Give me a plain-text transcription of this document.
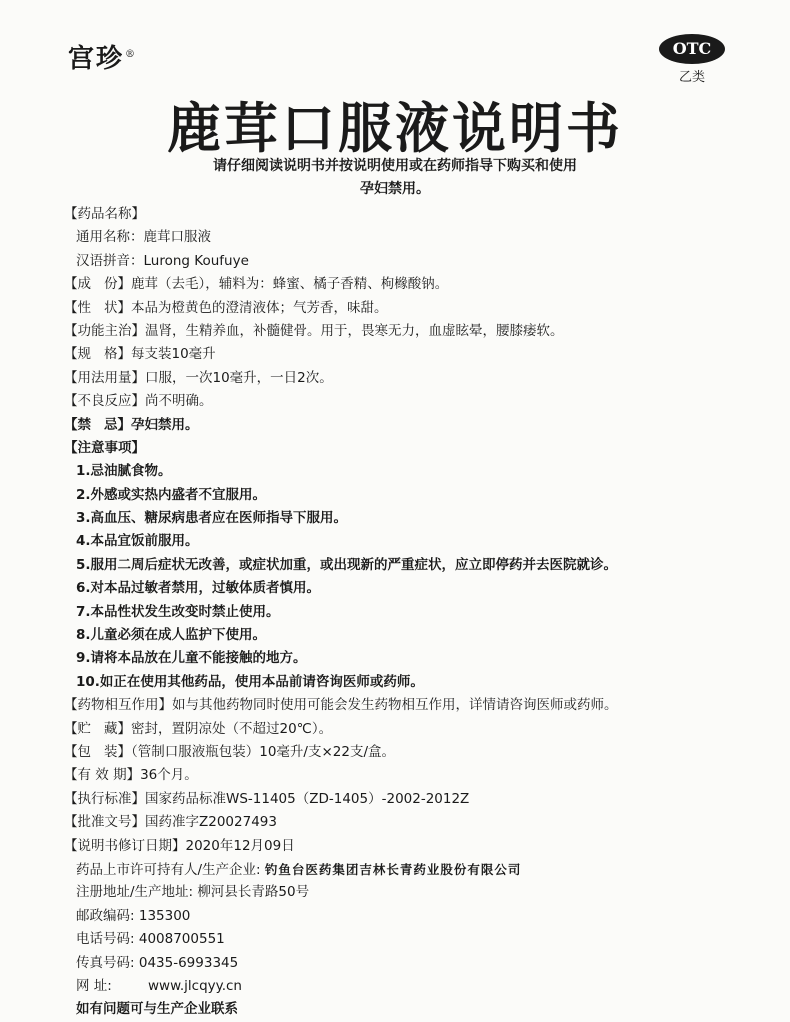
宫珍®	OTC
乙类
鹿茸口服液说明书
请仔细阅读说明书并按说明使用或在药师指导下购买和使用
孕妇禁用。
【药品名称】
通用名称：鹿茸口服液
汉语拼音：Lurong Koufuye
【成 份】鹿茸（去毛），辅料为：蜂蜜、橘子香精、枸橼酸钠。
【性 状】本品为橙黄色的澄清液体；气芳香，味甜。
【功能主治】温肾，生精养血，补髓健骨。用于，畏寒无力，血虚眩晕，腰膝痿软。
【规 格】每支装10毫升
【用法用量】口服，一次10毫升，一日2次。
【不良反应】尚不明确。
【禁 忌】孕妇禁用。
【注意事项】
1.忌油腻食物。
2.外感或实热内盛者不宜服用。
3.高血压、糖尿病患者应在医师指导下服用。
4.本品宜饭前服用。
5.服用二周后症状无改善，或症状加重，或出现新的严重症状，应立即停药并去医院就诊。
6.对本品过敏者禁用，过敏体质者慎用。
7.本品性状发生改变时禁止使用。
8.儿童必须在成人监护下使用。
9.请将本品放在儿童不能接触的地方。
10.如正在使用其他药品，使用本品前请咨询医师或药师。
【药物相互作用】如与其他药物同时使用可能会发生药物相互作用，详情请咨询医师或药师。
【贮 藏】密封，置阴凉处（不超过20℃）。
【包 装】（管制口服液瓶包装）10毫升/支×22支/盒。
【有 效 期】36个月。
【执行标准】国家药品标准WS-11405（ZD-1405）-2002-2012Z
【批准文号】国药准字Z20027493
【说明书修订日期】2020年12月09日
药品上市许可持有人/生产企业: 钓鱼台医药集团吉林长青药业股份有限公司
注册地址/生产地址: 柳河县长青路50号
邮政编码: 135300
电话号码: 4008700551
传真号码: 0435-6993345
网 址:	www.jlcqyy.cn
如有问题可与生产企业联系
